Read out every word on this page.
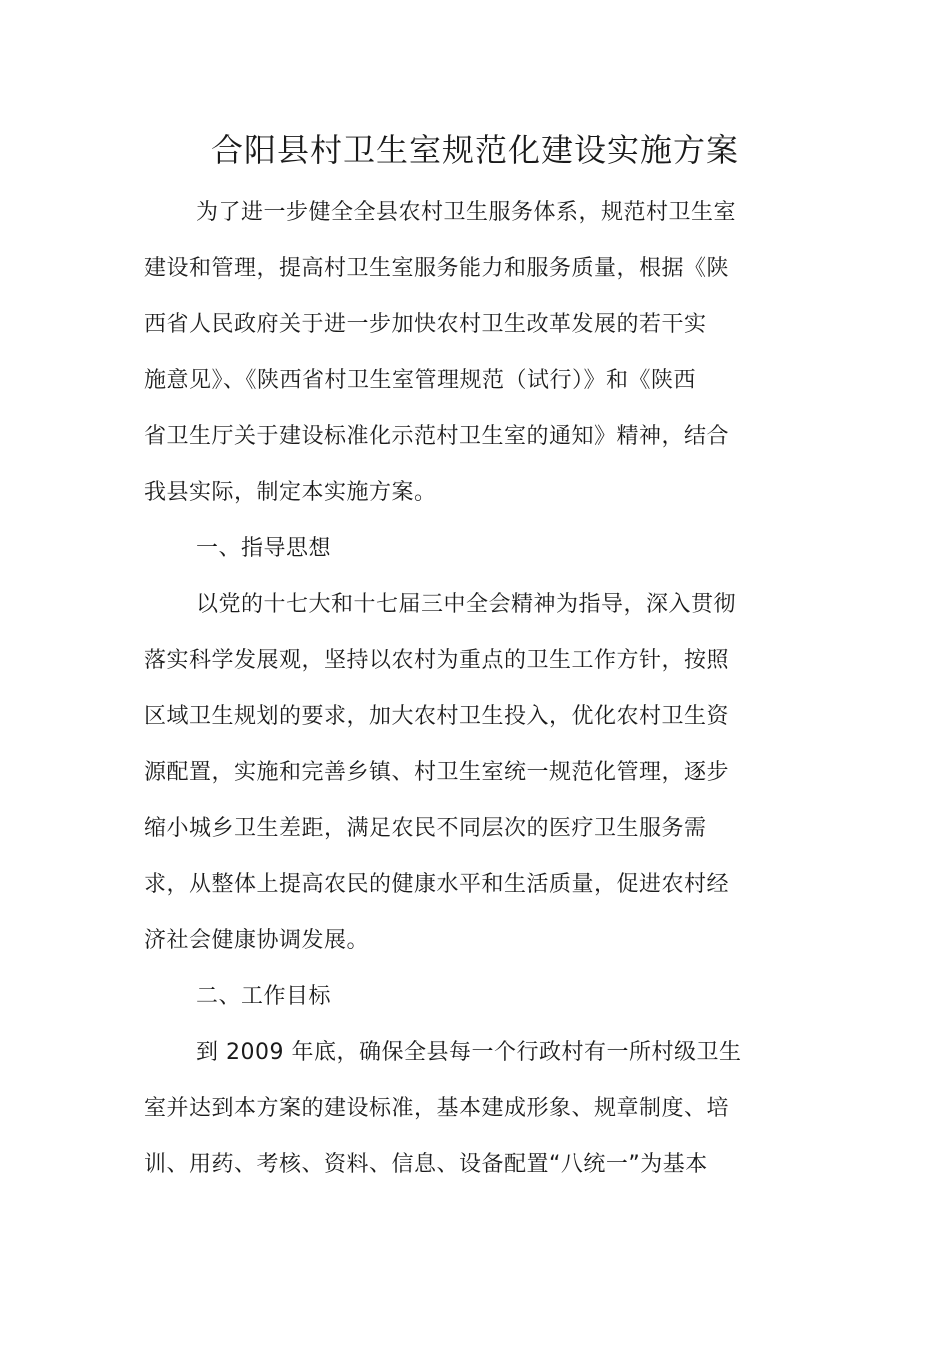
合阳县村卫生室规范化建设实施方案
为了进一步健全全县农村卫生服务体系，规范村卫生室
建设和管理，提高村卫生室服务能力和服务质量，根据《陕
西省人民政府关于进一步加快农村卫生改革发展的若干实
施意见》、《陕西省村卫生室管理规范（试行）》和《陕西
省卫生厅关于建设标准化示范村卫生室的通知》精神，结合
我县实际，制定本实施方案。
一、指导思想
以党的十七大和十七届三中全会精神为指导，深入贯彻
落实科学发展观，坚持以农村为重点的卫生工作方针，按照
区域卫生规划的要求，加大农村卫生投入，优化农村卫生资
源配置，实施和完善乡镇、村卫生室统一规范化管理，逐步
缩小城乡卫生差距，满足农民不同层次的医疗卫生服务需
求，从整体上提高农民的健康水平和生活质量，促进农村经
济社会健康协调发展。
二、工作目标
到 2009 年底，确保全县每一个行政村有一所村级卫生
室并达到本方案的建设标准，基本建成形象、规章制度、培
训、用药、考核、资料、信息、设备配置“八统一”为基本
